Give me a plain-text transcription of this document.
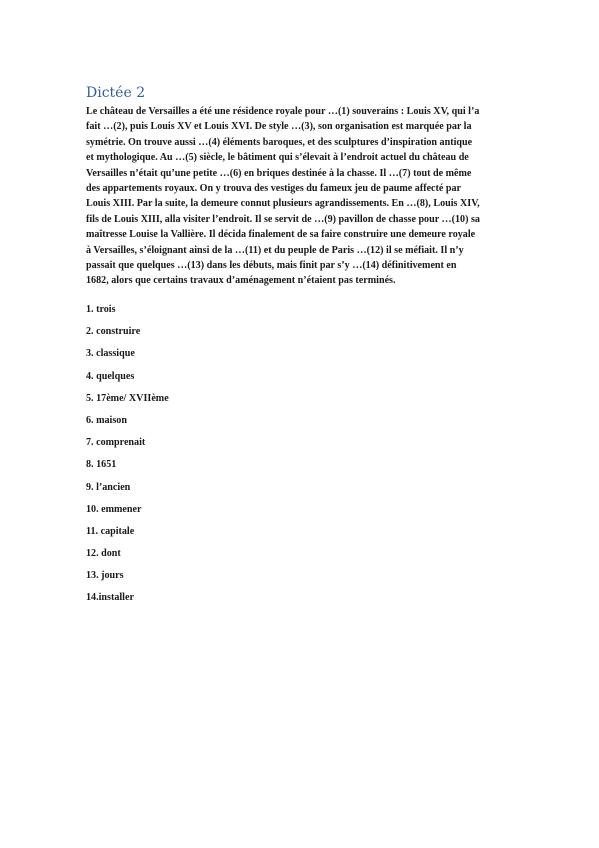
Dictée 2
Le château de Versailles a été une résidence royale pour …(1) souverains : Louis XV, qui l’a
fait …(2), puis Louis XV et Louis XVI. De style …(3), son organisation est marquée par la
symétrie. On trouve aussi …(4) éléments baroques, et des sculptures d’inspiration antique
et mythologique. Au …(5) siècle, le bâtiment qui s’élevait à l’endroit actuel du château de
Versailles n’était qu’une petite …(6) en briques destinée à la chasse. Il …(7) tout de même
des appartements royaux. On y trouva des vestiges du fameux jeu de paume affecté par
Louis XIII. Par la suite, la demeure connut plusieurs agrandissements. En …(8), Louis XIV,
fils de Louis XIII, alla visiter l’endroit. Il se servit de …(9) pavillon de chasse pour …(10) sa
maîtresse Louise la Vallière. Il décida finalement de sa faire construire une demeure royale
à Versailles, s’éloignant ainsi de la …(11) et du peuple de Paris …(12) il se méfiait. Il n’y
passait que quelques …(13) dans les débuts, mais finit par s’y …(14) définitivement en
1682, alors que certains travaux d’aménagement n’étaient pas terminés.
1. trois
2. construire
3. classique
4. quelques
5. 17ème/ XVIIème
6. maison
7. comprenait
8. 1651
9. l’ancien
10. emmener
11. capitale
12. dont
13. jours
14.installer
